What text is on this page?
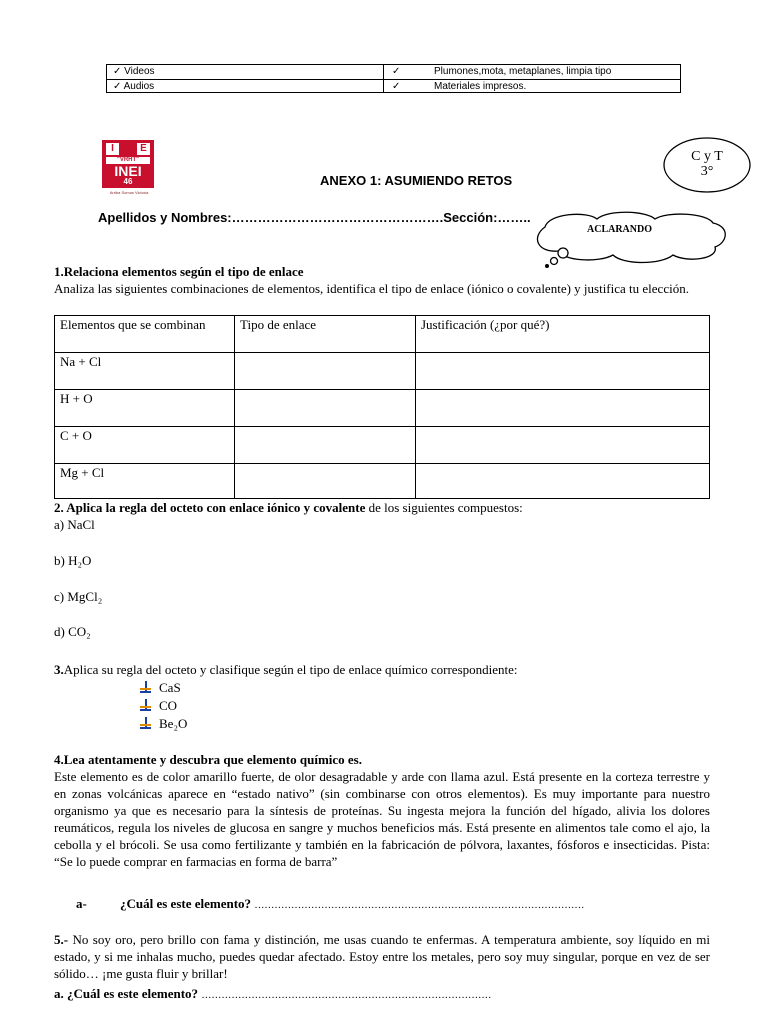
✓ Videos	✓	Plumones,mota, metaplanes, limpia tipo
✓ Audios	✓	Materiales impresos.
I	E
"VRHT"
INEI
46
Arriba Somos Victoria
ANEXO 1: ASUMIENDO RETOS
C y T
3°
Apellidos y Nombres:………………………………………….Sección:……..
ACLARANDO
1.Relaciona elementos según el tipo de enlace
Analiza las siguientes combinaciones de elementos, identifica el tipo de enlace (iónico o covalente) y justifica tu elección.
Elementos que se combinan	Tipo de enlace	Justificación (¿por qué?)
Na + Cl		
H + O		
C + O		
Mg + Cl		
2. Aplica la regla del octeto con enlace iónico y covalente de los siguientes compuestos:
a) NaCl
b) H₂O
c) MgCl₂
d) CO₂
3.Aplica su regla del octeto y clasifique según el tipo de enlace químico correspondiente:
CaS
CO
Be₂O
4.Lea atentamente y descubra que elemento químico es.
Este elemento es de color amarillo fuerte, de olor desagradable y arde con llama azul. Está presente en la corteza terrestre y en zonas volcánicas aparece en “estado nativo” (sin combinarse con otros elementos). Es muy importante para nuestro organismo ya que es necesario para la síntesis de proteínas. Su ingesta mejora la función del hígado, alivia los dolores reumáticos, regula los niveles de glucosa en sangre y muchos beneficios más. Está presente en alimentos tale como el ajo, la cebolla y el brócoli. Se usa como fertilizante y también en la fabricación de pólvora, laxantes, fósforos e insecticidas. Pista: “Se lo puede comprar en farmacias en forma de barra”
a-	¿Cuál es este elemento? ………………………………………………………………………………………
5.- No soy oro, pero brillo con fama y distinción, me usas cuando te enfermas. A temperatura ambiente, soy líquido en mi estado, y si me inhalas mucho, puedes quedar afectado. Estoy entre los metales, pero soy muy singular, porque en vez de ser sólido… ¡me gusta fluir y brillar!
a. ¿Cuál es este elemento? ……………………………………………………………………………
